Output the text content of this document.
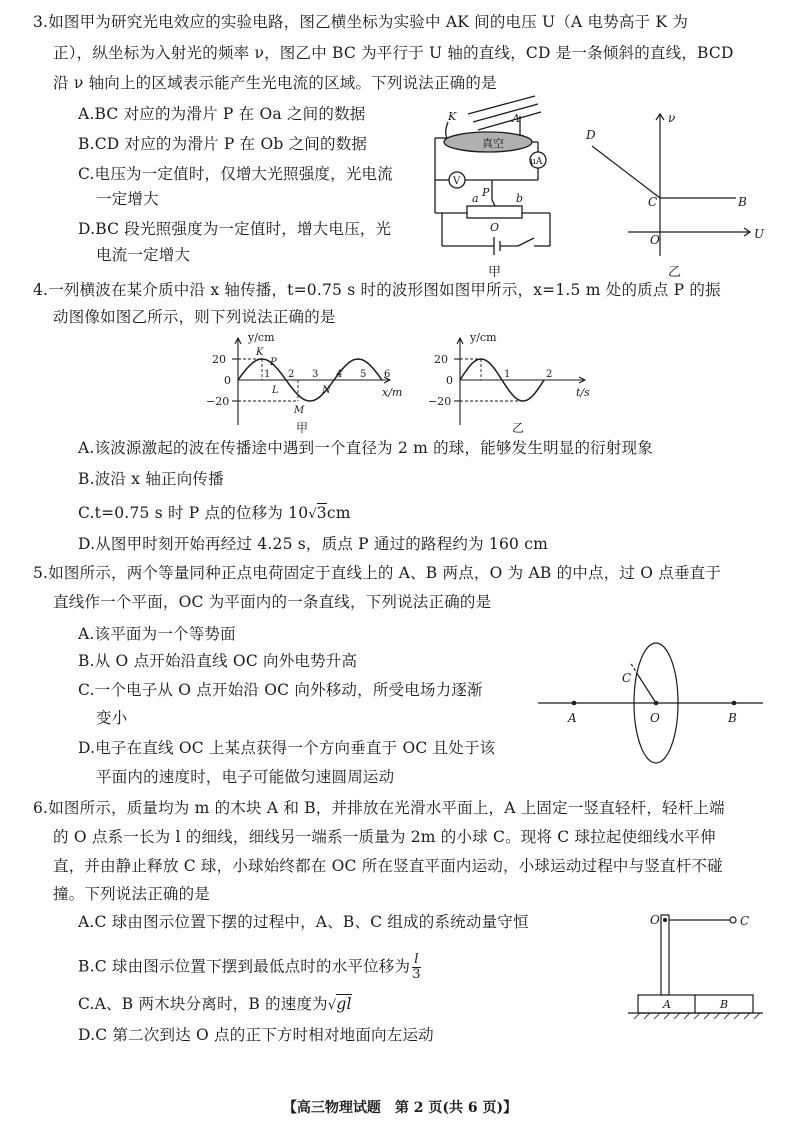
3.如图甲为研究光电效应的实验电路，图乙横坐标为实验中 AK 间的电压 U（A 电势高于 K 为
正），纵坐标为入射光的频率 ν，图乙中 BC 为平行于 U 轴的直线，CD 是一条倾斜的直线，BCD
沿 ν 轴向上的区域表示能产生光电流的区域。下列说法正确的是
A.BC 对应的为滑片 P 在 Oa 之间的数据
B.CD 对应的为滑片 P 在 Ob 之间的数据
C.电压为一定值时，仅增大光照强度，光电流
一定增大
D.BC 段光照强度为一定值时，增大电压，光
电流一定增大
K	A
真空
μA
V
P
a	b
O
甲
D
C	B
O
ν
U
乙
4.一列横波在某介质中沿 x 轴传播，t=0.75 s 时的波形图如图甲所示，x=1.5 m 处的质点 P 的振
动图像如图乙所示，则下列说法正确的是
y/cm
20
0
−20
x/m
1 2 3 4 5 6
K
P
L
M
N
甲
y/cm
20
0
−20
t/s
1	2
乙
A.该波源激起的波在传播途中遇到一个直径为 2 m 的球，能够发生明显的衍射现象
B.波沿 x 轴正向传播
C.t=0.75 s 时 P 点的位移为 10√3cm
D.从图甲时刻开始再经过 4.25 s，质点 P 通过的路程约为 160 cm
5.如图所示，两个等量同种正点电荷固定于直线上的 A、B 两点，O 为 AB 的中点，过 O 点垂直于
直线作一个平面，OC 为平面内的一条直线，下列说法正确的是
A.该平面为一个等势面
B.从 O 点开始沿直线 OC 向外电势升高
C.一个电子从 O 点开始沿 OC 向外移动，所受电场力逐渐
变小
D.电子在直线 OC 上某点获得一个方向垂直于 OC 且处于该
平面内的速度时，电子可能做匀速圆周运动
C
A	O	B
6.如图所示，质量均为 m 的木块 A 和 B，并排放在光滑水平面上，A 上固定一竖直轻杆，轻杆上端
的 O 点系一长为 l 的细线，细线另一端系一质量为 2m 的小球 C。现将 C 球拉起使细线水平伸
直，并由静止释放 C 球，小球始终都在 OC 所在竖直平面内运动，小球运动过程中与竖直杆不碰
撞。下列说法正确的是
A.C 球由图示位置下摆的过程中，A、B、C 组成的系统动量守恒
B.C 球由图示位置下摆到最低点时的水平位移为 $\frac{l}{3}$
C.A、B 两木块分离时，B 的速度为√gl
D.C 第二次到达 O 点的正下方时相对地面向左运动
O	C
A	B
【高三物理试题　第 2 页(共 6 页)】
